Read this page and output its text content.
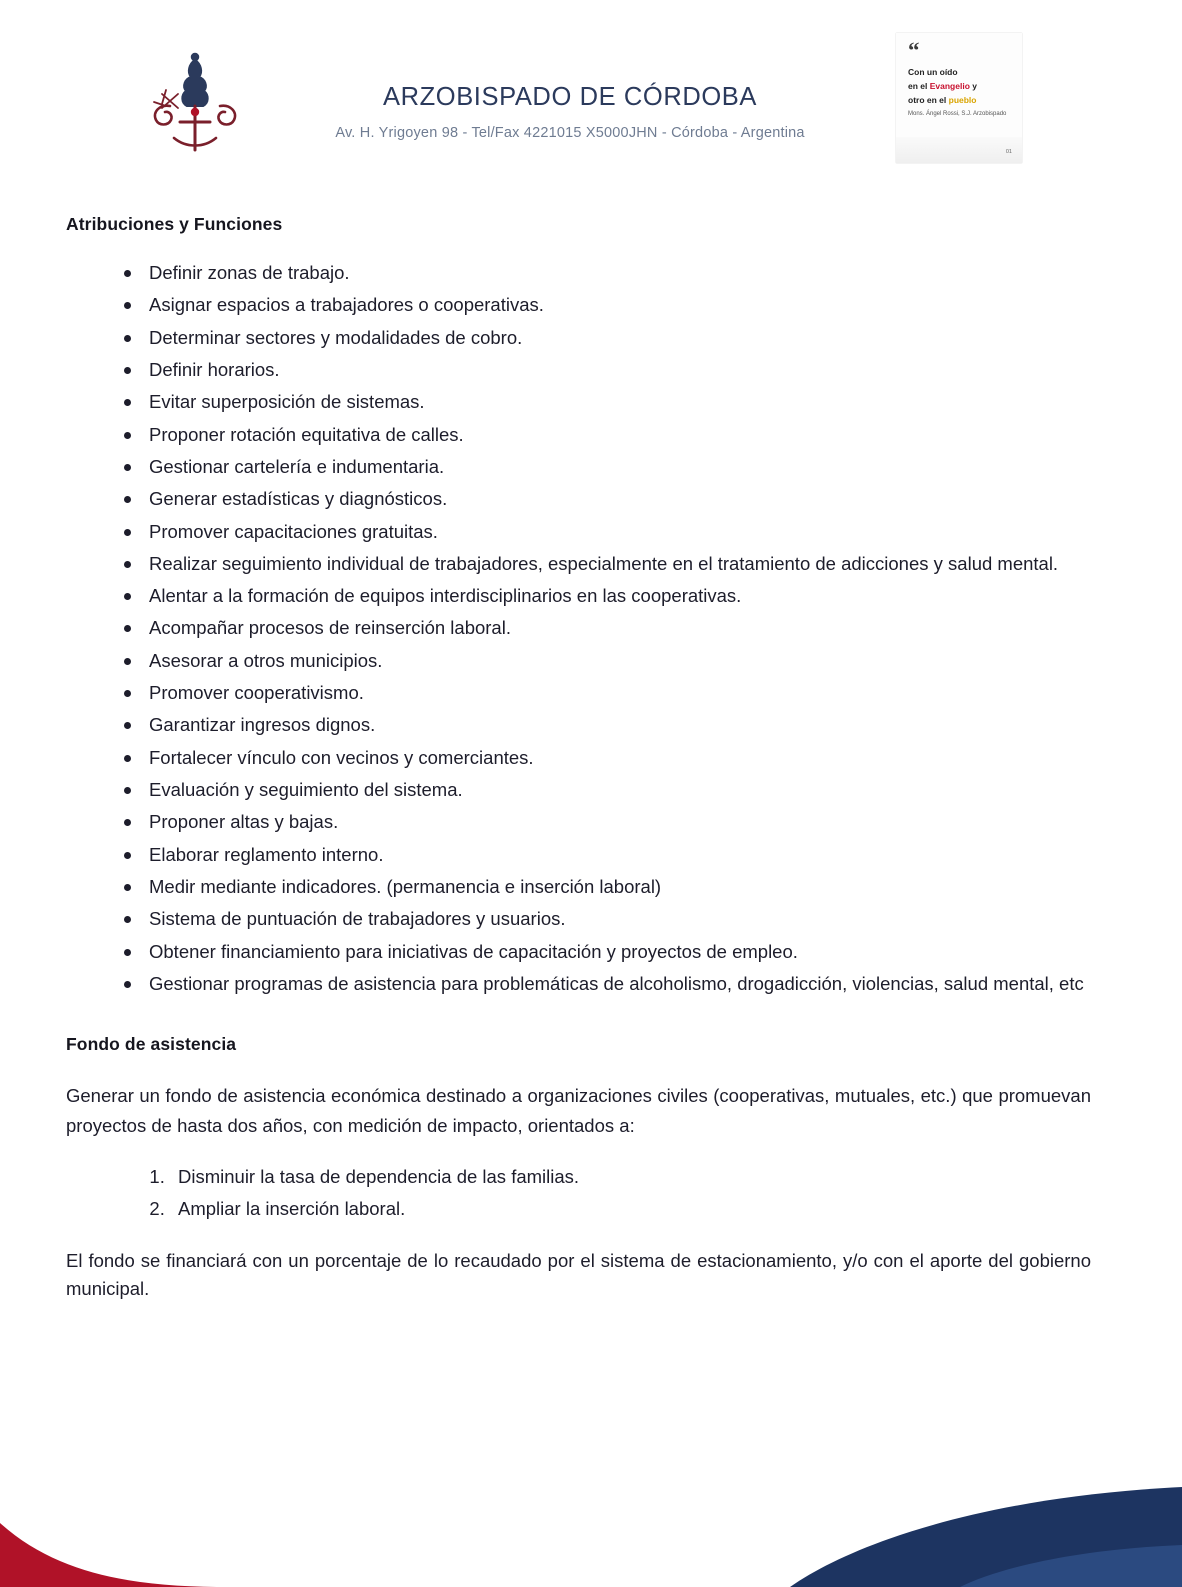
ARZOBISPADO DE CÓRDOBA
Av. H. Yrigoyen 98 - Tel/Fax 4221015 X5000JHN - Córdoba - Argentina
“
Con un oído
en el Evangelio y
otro en el pueblo
Mons. Ángel Rossi, S.J. Arzobispado
01
Atribuciones y Funciones
Definir zonas de trabajo.
Asignar espacios a trabajadores o cooperativas.
Determinar sectores y modalidades de cobro.
Definir horarios.
Evitar superposición de sistemas.
Proponer rotación equitativa de calles.
Gestionar cartelería e indumentaria.
Generar estadísticas y diagnósticos.
Promover capacitaciones gratuitas.
Realizar seguimiento individual de trabajadores, especialmente en el tratamiento de adicciones y salud mental.
Alentar a la formación de equipos interdisciplinarios en las cooperativas.
Acompañar procesos de reinserción laboral.
Asesorar a otros municipios.
Promover cooperativismo.
Garantizar ingresos dignos.
Fortalecer vínculo con vecinos y comerciantes.
Evaluación y seguimiento del sistema.
Proponer altas y bajas.
Elaborar reglamento interno.
Medir mediante indicadores. (permanencia e inserción laboral)
Sistema de puntuación de trabajadores y usuarios.
Obtener financiamiento para iniciativas de capacitación y proyectos de empleo.
Gestionar programas de asistencia para problemáticas de alcoholismo, drogadicción, violencias, salud mental, etc
Fondo de asistencia

Generar un fondo de asistencia económica destinado a organizaciones civiles (cooperativas, mutuales, etc.) que promuevan proyectos de hasta dos años, con medición de impacto, orientados a:

1. Disminuir la tasa de dependencia de las familias.
2. Ampliar la inserción laboral.

El fondo se financiará con un porcentaje de lo recaudado por el sistema de estacionamiento, y/o con el aporte del gobierno municipal.
